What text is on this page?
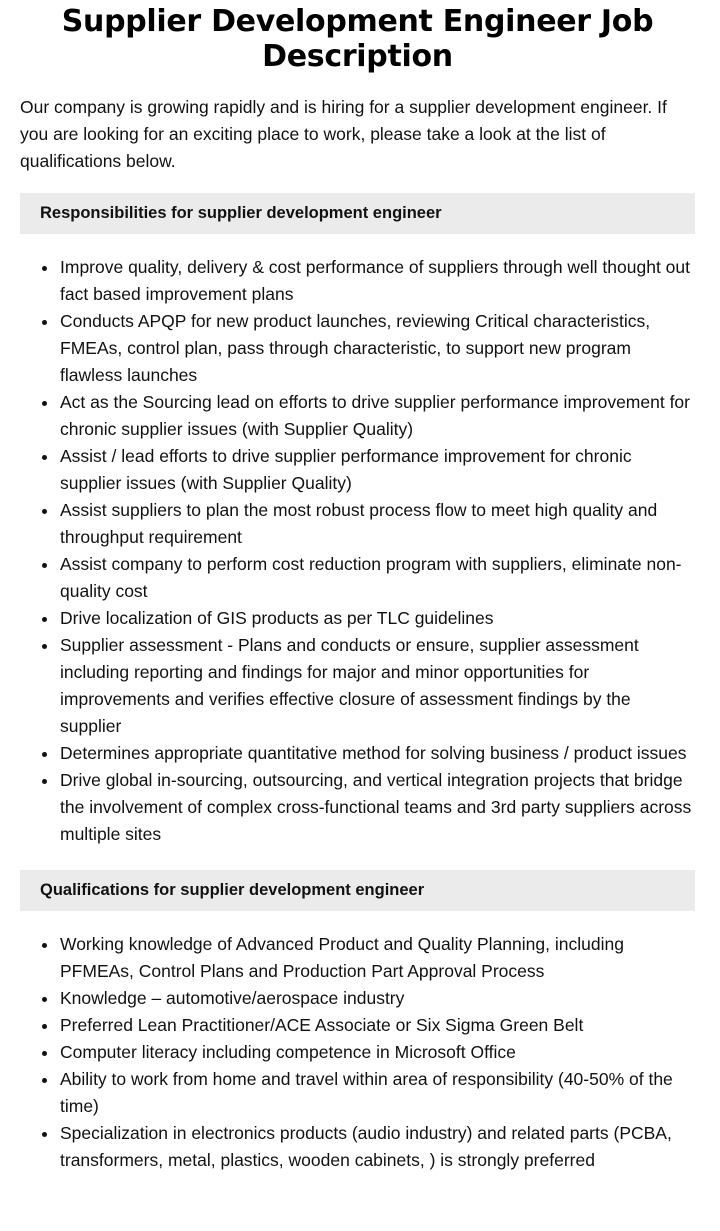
Supplier Development Engineer Job Description

Our company is growing rapidly and is hiring for a supplier development engineer. If you are looking for an exciting place to work, please take a look at the list of qualifications below.

Responsibilities for supplier development engineer
Improve quality, delivery & cost performance of suppliers through well thought out fact based improvement plans
Conducts APQP for new product launches, reviewing Critical characteristics, FMEAs, control plan, pass through characteristic, to support new program flawless launches
Act as the Sourcing lead on efforts to drive supplier performance improvement for chronic supplier issues (with Supplier Quality)
Assist / lead efforts to drive supplier performance improvement for chronic supplier issues (with Supplier Quality)
Assist suppliers to plan the most robust process flow to meet high quality and throughput requirement
Assist company to perform cost reduction program with suppliers, eliminate non-quality cost
Drive localization of GIS products as per TLC guidelines
Supplier assessment - Plans and conducts or ensure, supplier assessment including reporting and findings for major and minor opportunities for improvements and verifies effective closure of assessment findings by the supplier
Determines appropriate quantitative method for solving business / product issues
Drive global in-sourcing, outsourcing, and vertical integration projects that bridge the involvement of complex cross-functional teams and 3rd party suppliers across multiple sites
Qualifications for supplier development engineer
Working knowledge of Advanced Product and Quality Planning, including PFMEAs, Control Plans and Production Part Approval Process
Knowledge – automotive/aerospace industry
Preferred Lean Practitioner/ACE Associate or Six Sigma Green Belt
Computer literacy including competence in Microsoft Office
Ability to work from home and travel within area of responsibility (40-50% of the time)
Specialization in electronics products (audio industry) and related parts (PCBA, transformers, metal, plastics, wooden cabinets, ) is strongly preferred
